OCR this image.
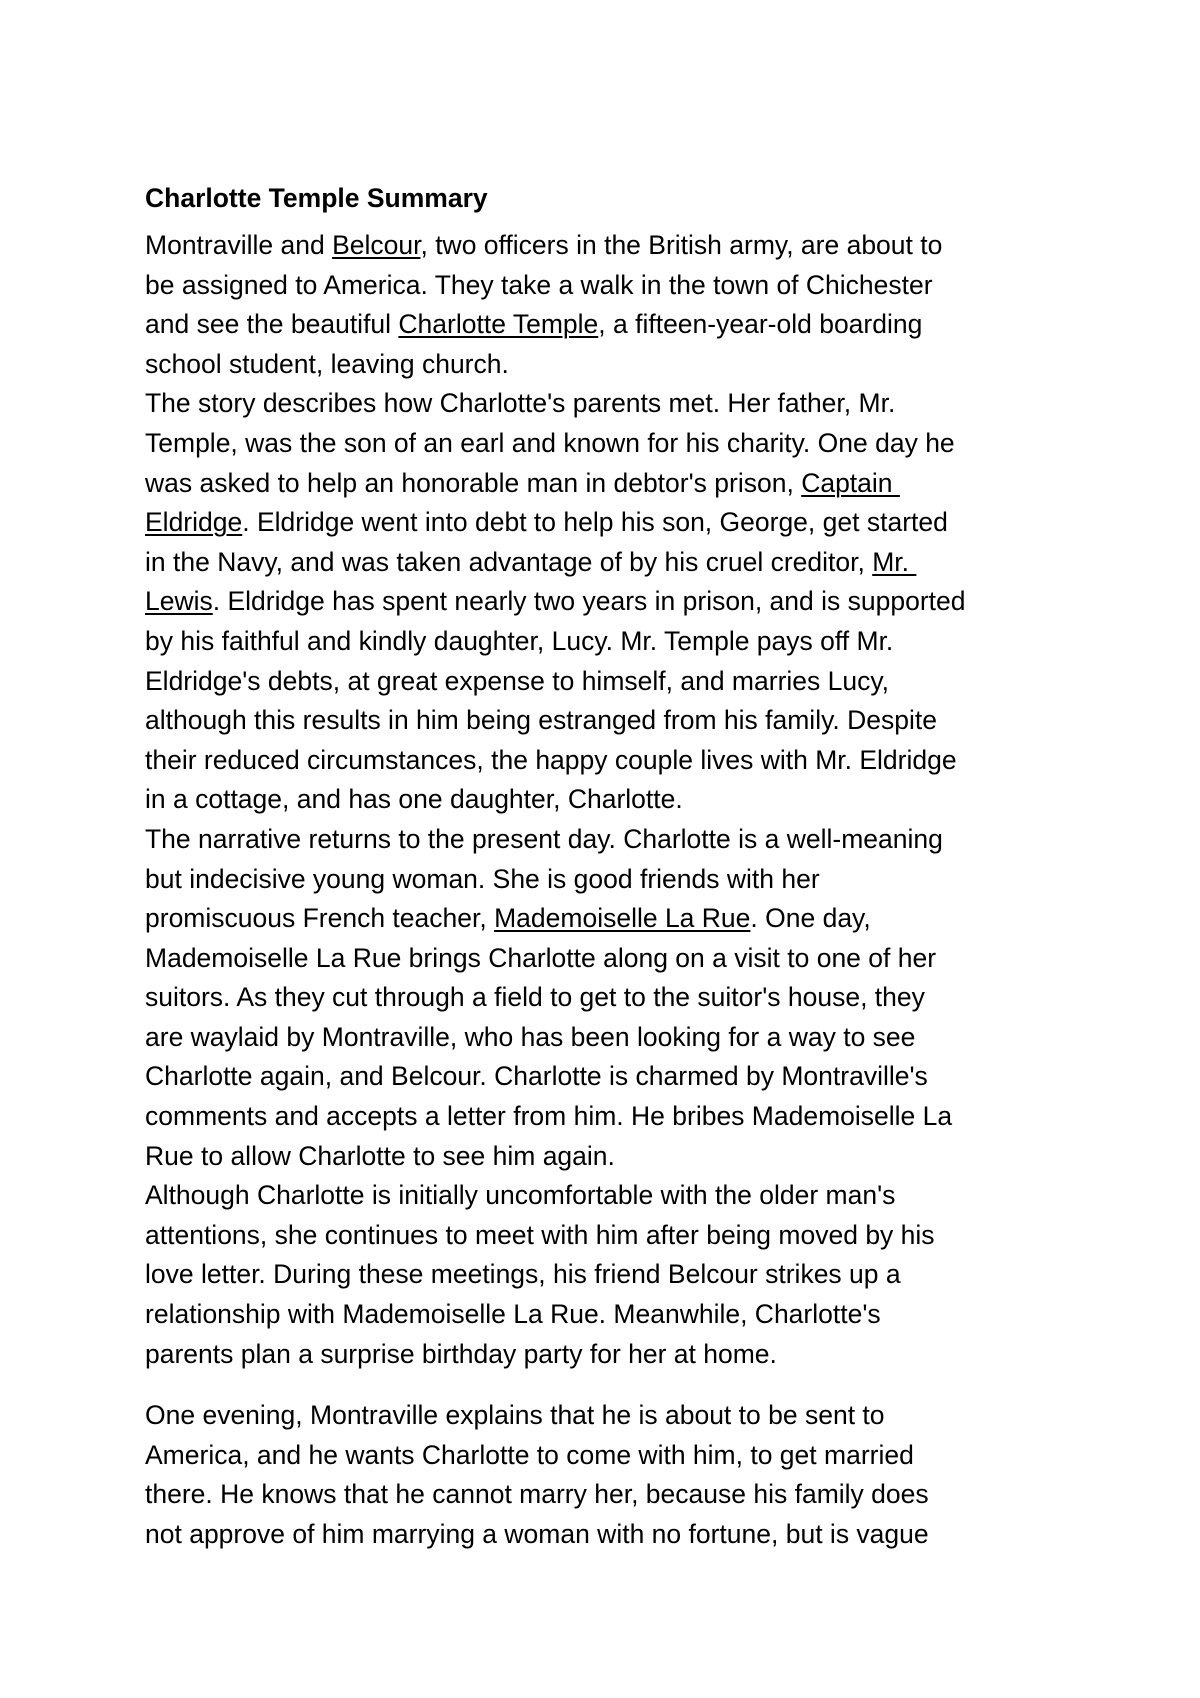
Charlotte Temple Summary
Montraville and Belcour, two officers in the British army, are about to
be assigned to America. They take a walk in the town of Chichester
and see the beautiful Charlotte Temple, a fifteen-year-old boarding
school student, leaving church.
The story describes how Charlotte's parents met. Her father, Mr.
Temple, was the son of an earl and known for his charity. One day he
was asked to help an honorable man in debtor's prison, Captain
Eldridge. Eldridge went into debt to help his son, George, get started
in the Navy, and was taken advantage of by his cruel creditor, Mr.
Lewis. Eldridge has spent nearly two years in prison, and is supported
by his faithful and kindly daughter, Lucy. Mr. Temple pays off Mr.
Eldridge's debts, at great expense to himself, and marries Lucy,
although this results in him being estranged from his family. Despite
their reduced circumstances, the happy couple lives with Mr. Eldridge
in a cottage, and has one daughter, Charlotte.
The narrative returns to the present day. Charlotte is a well-meaning
but indecisive young woman. She is good friends with her
promiscuous French teacher, Mademoiselle La Rue. One day,
Mademoiselle La Rue brings Charlotte along on a visit to one of her
suitors. As they cut through a field to get to the suitor's house, they
are waylaid by Montraville, who has been looking for a way to see
Charlotte again, and Belcour. Charlotte is charmed by Montraville's
comments and accepts a letter from him. He bribes Mademoiselle La
Rue to allow Charlotte to see him again.
Although Charlotte is initially uncomfortable with the older man's
attentions, she continues to meet with him after being moved by his
love letter. During these meetings, his friend Belcour strikes up a
relationship with Mademoiselle La Rue. Meanwhile, Charlotte's
parents plan a surprise birthday party for her at home.
One evening, Montraville explains that he is about to be sent to
America, and he wants Charlotte to come with him, to get married
there. He knows that he cannot marry her, because his family does
not approve of him marrying a woman with no fortune, but is vague
